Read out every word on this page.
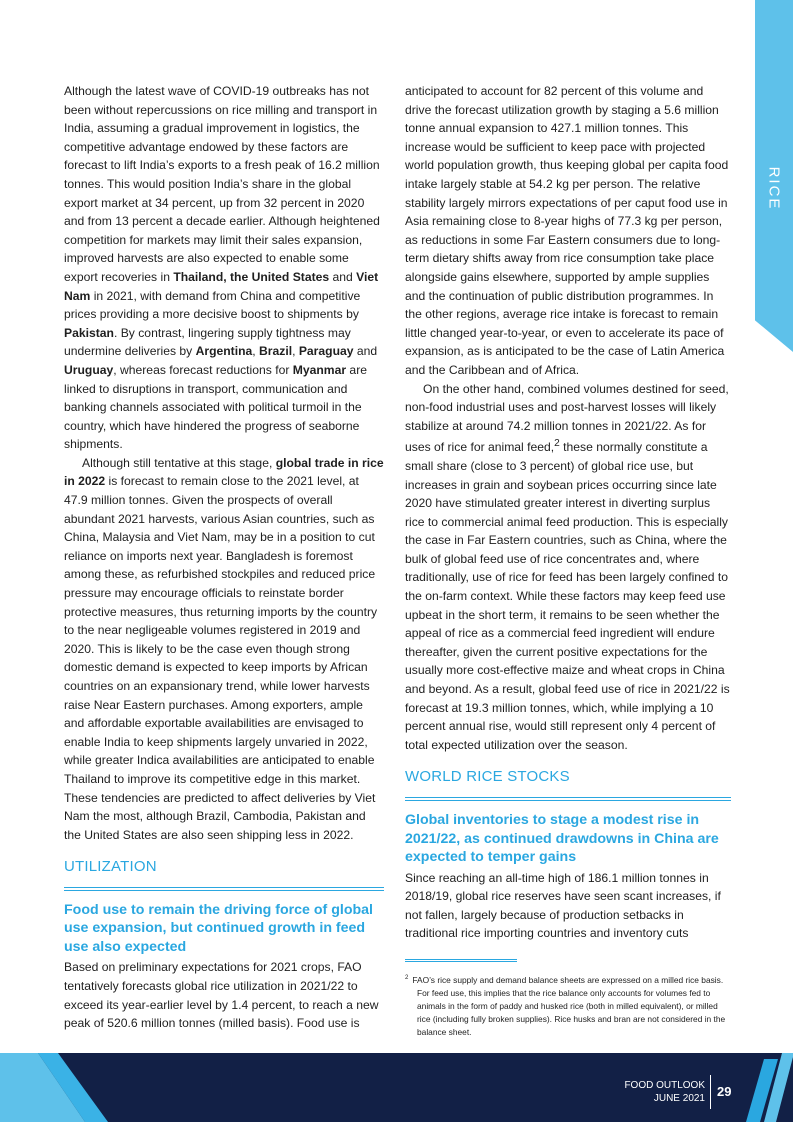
RICE

Although the latest wave of COVID-19 outbreaks has not been without repercussions on rice milling and transport in India, assuming a gradual improvement in logistics, the competitive advantage endowed by these factors are forecast to lift India’s exports to a fresh peak of 16.2 million tonnes. This would position India’s share in the global export market at 34 percent, up from 32 percent in 2020 and from 13 percent a decade earlier. Although heightened competition for markets may limit their sales expansion, improved harvests are also expected to enable some export recoveries in Thailand, the United States and Viet Nam in 2021, with demand from China and competitive prices providing a more decisive boost to shipments by Pakistan. By contrast, lingering supply tightness may undermine deliveries by Argentina, Brazil, Paraguay and Uruguay, whereas forecast reductions for Myanmar are linked to disruptions in transport, communication and banking channels associated with political turmoil in the country, which have hindered the progress of seaborne shipments.

Although still tentative at this stage, global trade in rice in 2022 is forecast to remain close to the 2021 level, at 47.9 million tonnes. Given the prospects of overall abundant 2021 harvests, various Asian countries, such as China, Malaysia and Viet Nam, may be in a position to cut reliance on imports next year. Bangladesh is foremost among these, as refurbished stockpiles and reduced price pressure may encourage officials to reinstate border protective measures, thus returning imports by the country to the near negligeable volumes registered in 2019 and 2020. This is likely to be the case even though strong domestic demand is expected to keep imports by African countries on an expansionary trend, while lower harvests raise Near Eastern purchases. Among exporters, ample and affordable exportable availabilities are envisaged to enable India to keep shipments largely unvaried in 2022, while greater Indica availabilities are anticipated to enable Thailand to improve its competitive edge in this market. These tendencies are predicted to affect deliveries by Viet Nam the most, although Brazil, Cambodia, Pakistan and the United States are also seen shipping less in 2022.

UTILIZATION
Food use to remain the driving force of global use expansion, but continued growth in feed use also expected

Based on preliminary expectations for 2021 crops, FAO tentatively forecasts global rice utilization in 2021/22 to exceed its year-earlier level by 1.4 percent, to reach a new peak of 520.6 million tonnes (milled basis). Food use is

anticipated to account for 82 percent of this volume and drive the forecast utilization growth by staging a 5.6 million tonne annual expansion to 427.1 million tonnes. This increase would be sufficient to keep pace with projected world population growth, thus keeping global per capita food intake largely stable at 54.2 kg per person. The relative stability largely mirrors expectations of per caput food use in Asia remaining close to 8-year highs of 77.3 kg per person, as reductions in some Far Eastern consumers due to long-term dietary shifts away from rice consumption take place alongside gains elsewhere, supported by ample supplies and the continuation of public distribution programmes. In the other regions, average rice intake is forecast to remain little changed year-to-year, or even to accelerate its pace of expansion, as is anticipated to be the case of Latin America and the Caribbean and of Africa.

On the other hand, combined volumes destined for seed, non-food industrial uses and post-harvest losses will likely stabilize at around 74.2 million tonnes in 2021/22. As for uses of rice for animal feed,$^2$ these normally constitute a small share (close to 3 percent) of global rice use, but increases in grain and soybean prices occurring since late 2020 have stimulated greater interest in diverting surplus rice to commercial animal feed production. This is especially the case in Far Eastern countries, such as China, where the bulk of global feed use of rice concentrates and, where traditionally, use of rice for feed has been largely confined to the on-farm context. While these factors may keep feed use upbeat in the short term, it remains to be seen whether the appeal of rice as a commercial feed ingredient will endure thereafter, given the current positive expectations for the usually more cost-effective maize and wheat crops in China and beyond. As a result, global feed use of rice in 2021/22 is forecast at 19.3 million tonnes, which, while implying a 10 percent annual rise, would still represent only 4 percent of total expected utilization over the season.

WORLD RICE STOCKS
Global inventories to stage a modest rise in 2021/22, as continued drawdowns in China are expected to temper gains

Since reaching an all-time high of 186.1 million tonnes in 2018/19, global rice reserves have seen scant increases, if not fallen, largely because of production setbacks in traditional rice importing countries and inventory cuts

$^2$ FAO’s rice supply and demand balance sheets are expressed on a milled rice basis. For feed use, this implies that the rice balance only accounts for volumes fed to animals in the form of paddy and husked rice (both in milled equivalent), or milled rice (including fully broken supplies). Rice husks and bran are not considered in the balance sheet.

FOOD OUTLOOK
JUNE 2021 29
